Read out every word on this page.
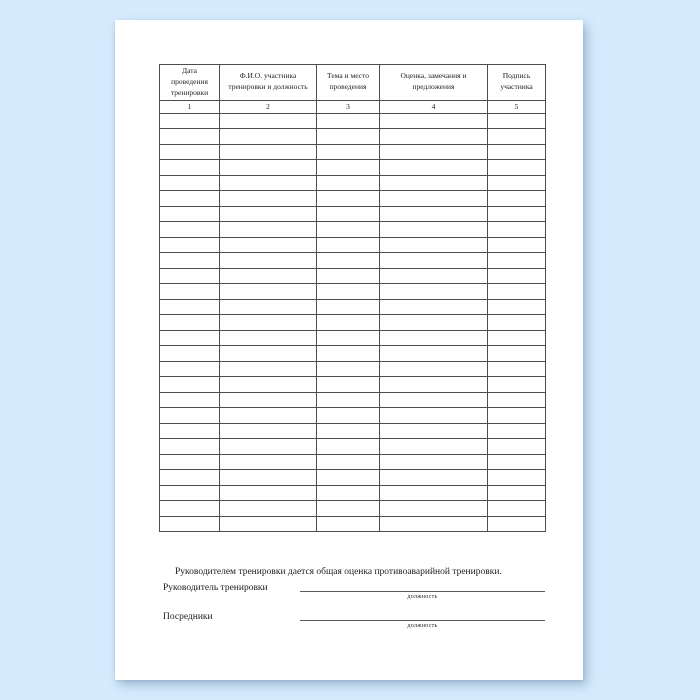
Дата проведения тренировки	Ф.И.О. участника тренировки и должность	Тема и место проведения	Оценка, замечания и предложения	Подпись участника
1	2	3	4	5

Руководителем тренировки дается общая оценка противоаварийной тренировки.

Руководитель тренировки
должность
Посредники
должность
